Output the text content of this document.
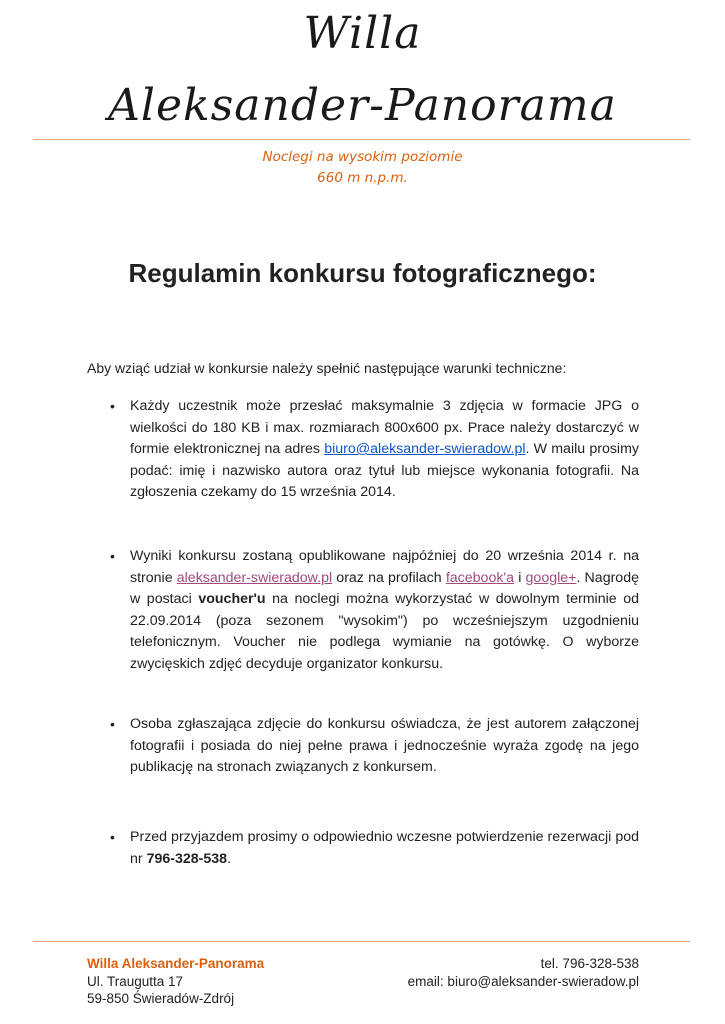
Willa
Aleksander-Panorama
Noclegi na wysokim poziomie
660 m n.p.m.
Regulamin konkursu fotograficznego:
Aby wziąć udział w konkursie należy spełnić następujące warunki techniczne:
• Każdy uczestnik może przesłać maksymalnie 3 zdjęcia w formacie JPG o wielkości do 180 KB i max. rozmiarach 800x600 px. Prace należy dostarczyć w formie elektronicznej na adres biuro@aleksander-swieradow.pl. W mailu prosimy podać: imię i nazwisko autora oraz tytuł lub miejsce wykonania fotografii. Na zgłoszenia czekamy do 15 września 2014.
• Wyniki konkursu zostaną opublikowane najpóźniej do 20 września 2014 r. na stronie aleksander-swieradow.pl oraz na profilach facebook'a i google+. Nagrodę w postaci voucher'u na noclegi można wykorzystać w dowolnym terminie od 22.09.2014 (poza sezonem "wysokim") po wcześniejszym uzgodnieniu telefonicznym. Voucher nie podlega wymianie na gotówkę. O wyborze zwycięskich zdjęć decyduje organizator konkursu.
• Osoba zgłaszająca zdjęcie do konkursu oświadcza, że jest autorem załączonej fotografii i posiada do niej pełne prawa i jednocześnie wyraża zgodę na jego publikację na stronach związanych z konkursem.
• Przed przyjazdem prosimy o odpowiednio wczesne potwierdzenie rezerwacji pod nr 796-328-538.
Willa Aleksander-Panorama
Ul. Traugutta 17
59-850 Świeradów-Zdrój
tel. 796-328-538
email: biuro@aleksander-swieradow.pl
